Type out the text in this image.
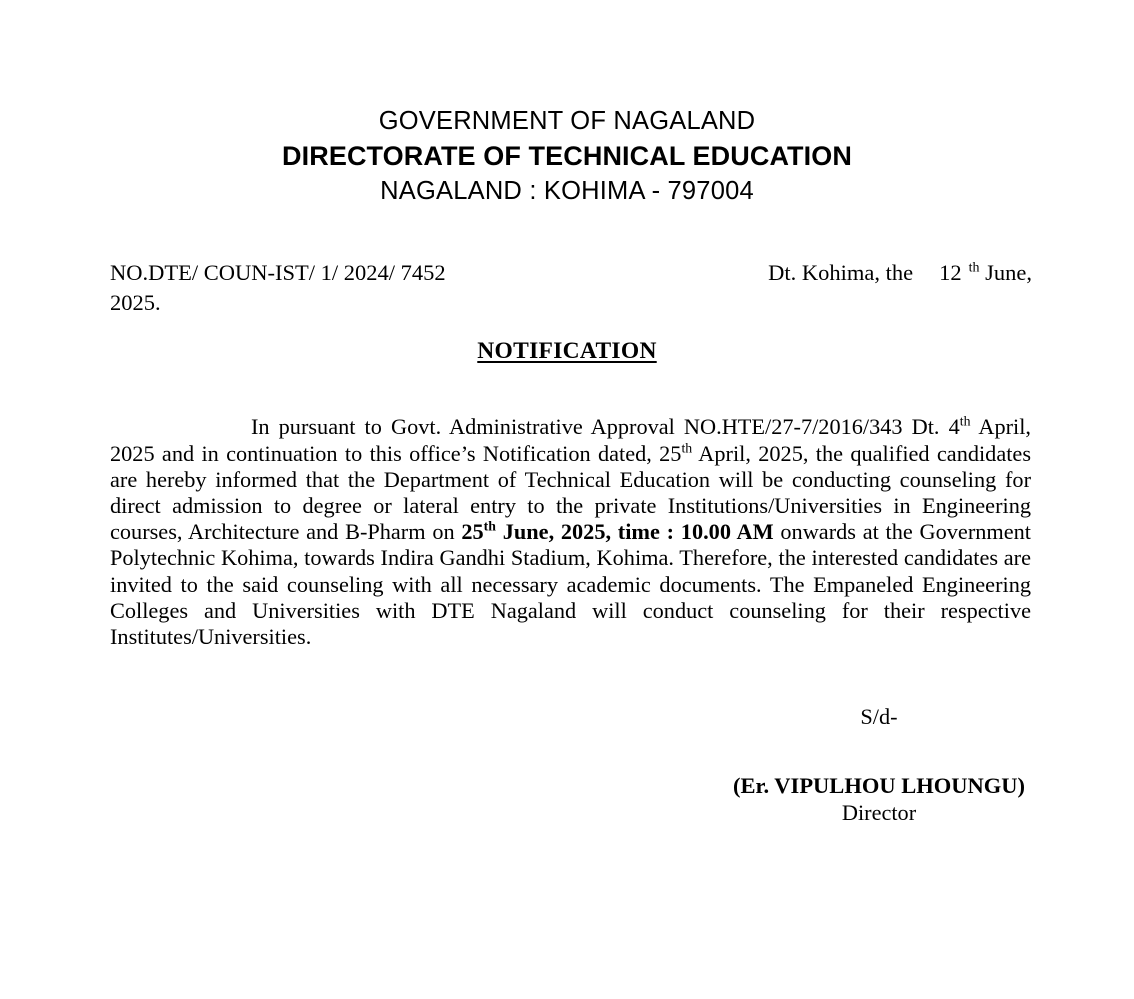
GOVERNMENT OF NAGALAND
DIRECTORATE OF TECHNICAL EDUCATION
NAGALAND : KOHIMA - 797004
NO.DTE/ COUN-IST/ 1/ 2024/ 7452	Dt. Kohima, the 12 $^{th}$ June,
2025.
NOTIFICATION

In pursuant to Govt. Administrative Approval NO.HTE/27-7/2016/343 Dt. 4th April, 2025 and in continuation to this office’s Notification dated, 25th April, 2025, the qualified candidates are hereby informed that the Department of Technical Education will be conducting counseling for direct admission to degree or lateral entry to the private Institutions/Universities in Engineering courses, Architecture and B-Pharm on 25th June, 2025, time : 10.00 AM onwards at the Government Polytechnic Kohima, towards Indira Gandhi Stadium, Kohima. Therefore, the interested candidates are invited to the said counseling with all necessary academic documents. The Empaneled Engineering Colleges and Universities with DTE Nagaland will conduct counseling for their respective Institutes/Universities.

S/d-
(Er. VIPULHOU LHOUNGU)
Director
